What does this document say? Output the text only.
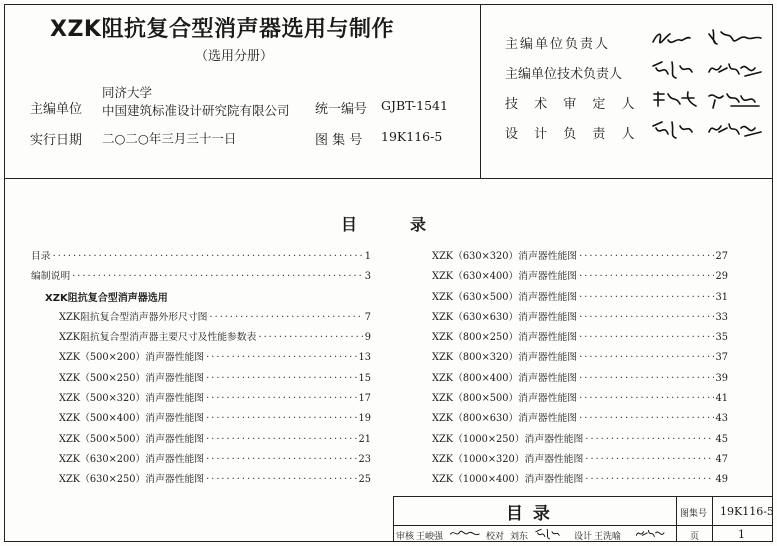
XZK阻抗复合型消声器选用与制作
（选用分册）
主编单位
同济大学
中国建筑标准设计研究院有限公司 统一编号 GJBT-1541
实行日期 二○二○年三月三十一日	图 集 号 19K116-5
主编单位负责人
主编单位技术负责人
技 术 审 定 人
设 计 负 责 人
目	录
目录 ·····	1
编制说明 ·····	3
XZK阻抗复合型消声器选用
XZK阻抗复合型消声器外形尺寸图 ·····	7
XZK阻抗复合型消声器主要尺寸及性能参数表 ·····	9
XZK（500×200）消声器性能图 ·····	13
XZK（500×250）消声器性能图 ·····	15
XZK（500×320）消声器性能图 ·····	17
XZK（500×400）消声器性能图 ·····	19
XZK（500×500）消声器性能图 ·····	21
XZK（630×200）消声器性能图 ·····	23
XZK（630×250）消声器性能图 ·····	25
XZK（630×320）消声器性能图 ·····	27
XZK（630×400）消声器性能图 ·····	29
XZK（630×500）消声器性能图 ·····	31
XZK（630×630）消声器性能图 ·····	33
XZK（800×250）消声器性能图 ·····	35
XZK（800×320）消声器性能图 ·····	37
XZK（800×400）消声器性能图 ·····	39
XZK（800×500）消声器性能图 ·····	41
XZK（800×630）消声器性能图 ·····	43
XZK（1000×250）消声器性能图 ·····	45
XZK（1000×320）消声器性能图 ·····	47
XZK（1000×400）消声器性能图 ·····	49
目 录	图集号 19K116-5
审核 王峻强	校对 刘东	设计 王洗喻	页	1
